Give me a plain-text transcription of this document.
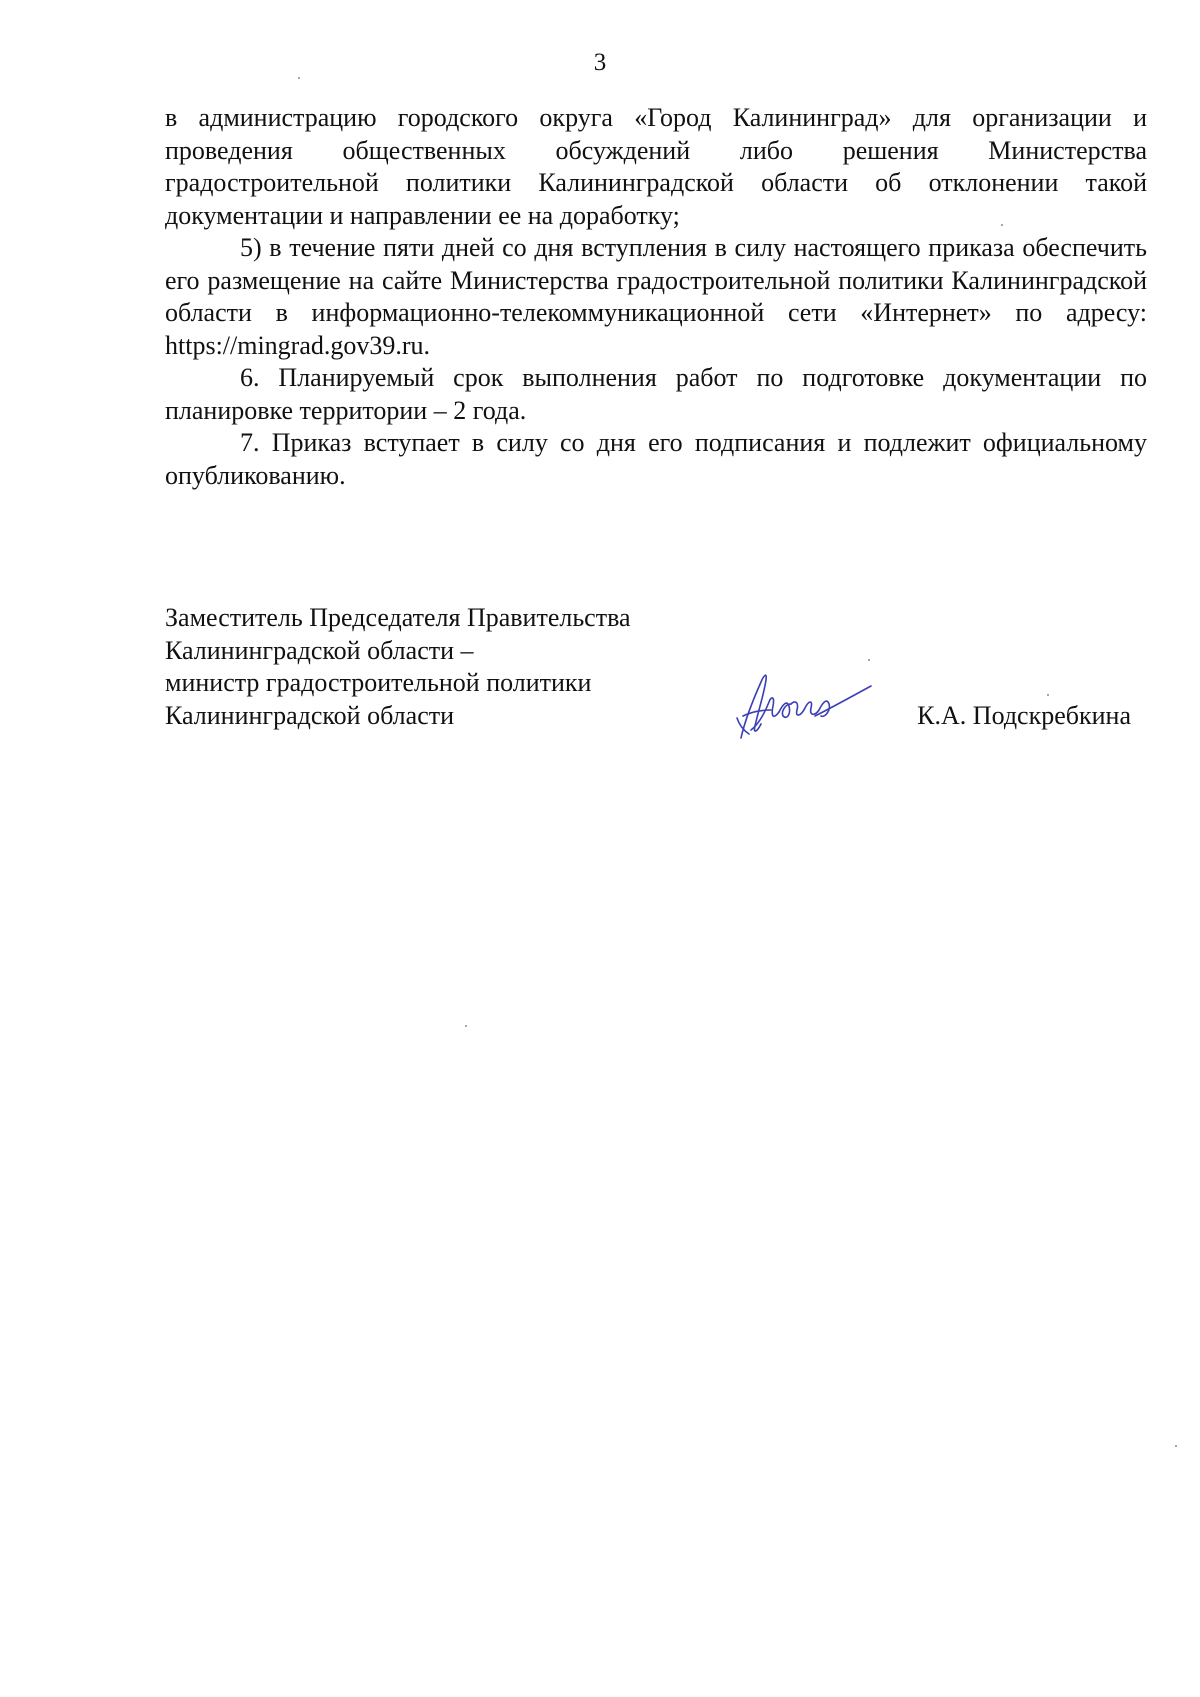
3

в администрацию городского округа «Город Калининград» для организации и проведения общественных обсуждений либо решения Министерства градостроительной политики Калининградской области об отклонении такой документации и направлении ее на доработку;

5) в течение пяти дней со дня вступления в силу настоящего приказа обеспечить его размещение на сайте Министерства градостроительной политики Калининградской области в информационно-телекоммуникационной сети «Интернет» по адресу: https://mingrad.gov39.ru.

6. Планируемый срок выполнения работ по подготовке документации по планировке территории – 2 года.

7. Приказ вступает в силу со дня его подписания и подлежит официальному опубликованию.

Заместитель Председателя Правительства
Калининградской области –
министр градостроительной политики
Калининградской области	К.А. Подскребкина
